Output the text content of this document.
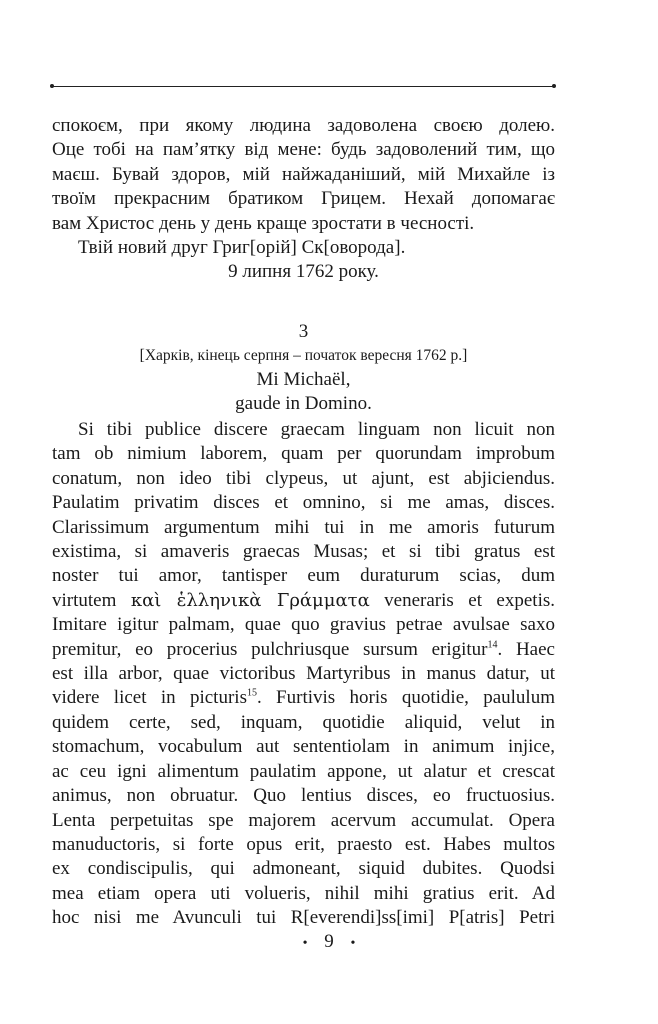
спокоєм, при якому людина задоволена своєю долею.
Оце тобі на пам’ятку від мене: будь задоволений тим, що
маєш. Бувай здоров, мій найжаданіший, мій Михайле із
твоїм прекрасним братиком Грицем. Нехай допомагає
вам Христос день у день краще зростати в чесності.
Твій новий друг Григ[орій] Ск[оворода].
9 липня 1762 року.
3
[Харків, кінець серпня – початок вересня 1762 р.]
Mi Michaël,
gaude in Domino.
Si tibi publice discere graecam linguam non licuit non
tam ob nimium laborem, quam per quorundam improbum
conatum, non ideo tibi clypeus, ut ajunt, est abjiciendus.
Paulatim privatim disces et omnino, si me amas, disces.
Clarissimum argumentum mihi tui in me amoris futurum
existima, si amaveris graecas Musas; et si tibi gratus est
noster tui amor, tantisper eum duraturum scias, dum
virtutem καὶ ἑλληνικὰ Γράμματα veneraris et expetis.
Imitare igitur palmam, quae quo gravius petrae avulsae saxo
premitur, eo procerius pulchriusque sursum erigitur$^{14}$. Haec
est illa arbor, quae victoribus Martyribus in manus datur, ut
videre licet in picturis$^{15}$. Furtivis horis quotidie, paululum
quidem certe, sed, inquam, quotidie aliquid, velut in
stomachum, vocabulum aut sententiolam in animum injice,
ac ceu igni alimentum paulatim appone, ut alatur et crescat
animus, non obruatur. Quo lentius disces, eo fructuosius.
Lenta perpetuitas spe majorem acervum accumulat. Opera
manuductoris, si forte opus erit, praesto est. Habes multos
ex condiscipulis, qui admoneant, siquid dubites. Quodsi
mea etiam opera uti volueris, nihil mihi gratius erit. Ad
hoc nisi me Avunculi tui R[everendi]ss[imi] P[atris] Petri
• 9 •
